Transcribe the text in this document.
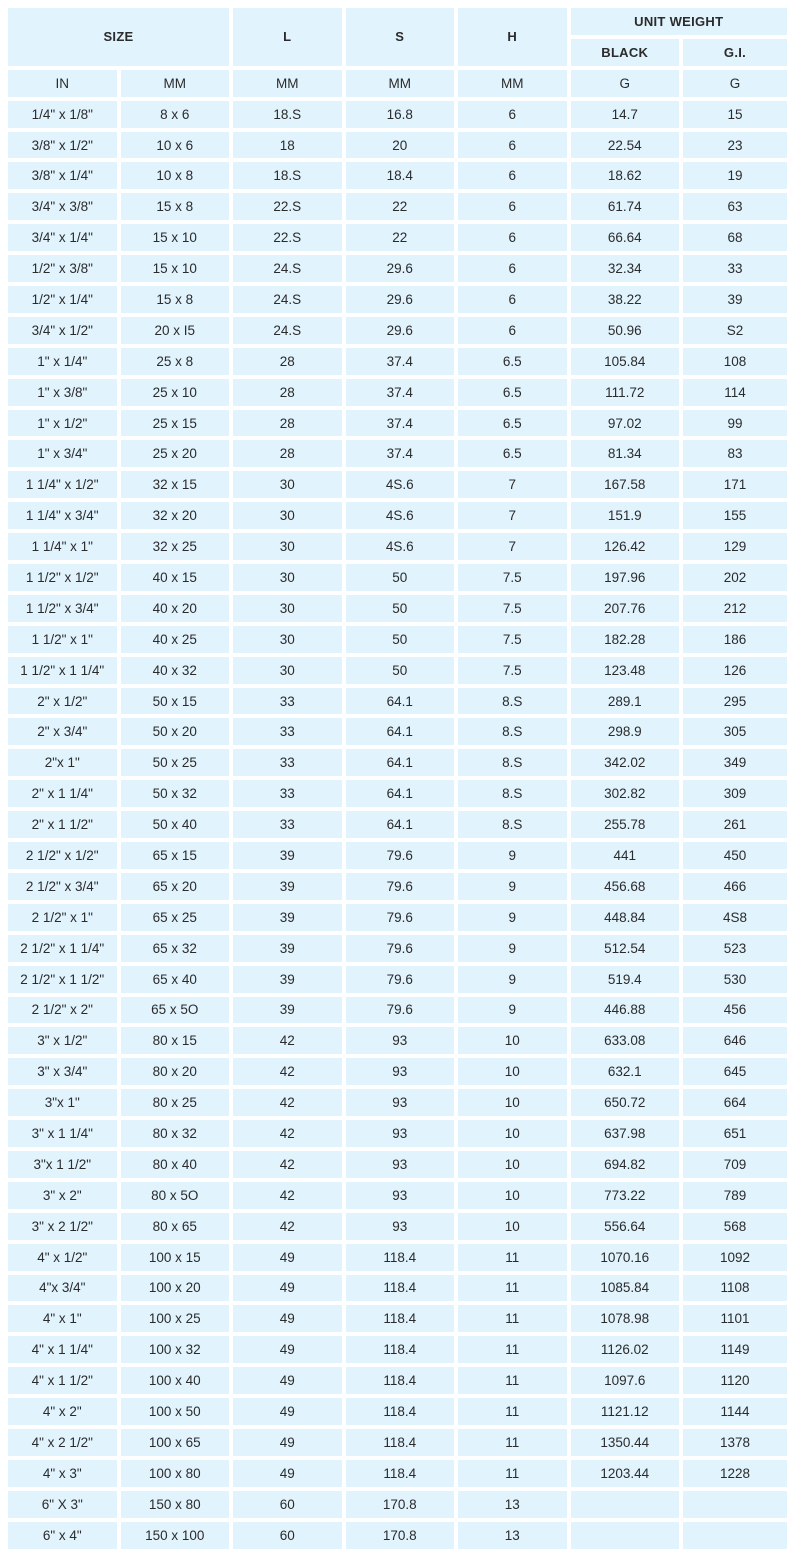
SIZE		L	S	H	UNIT WEIGHT	
					BLACK	G.I.
IN	MM	MM	MM	MM	G	G
1/4" x 1/8"	8 x 6	18.S	16.8	6	14.7	15
3/8" x 1/2"	10 x 6	18	20	6	22.54	23
3/8" x 1/4"	10 x 8	18.S	18.4	6	18.62	19
3/4" x 3/8"	15 x 8	22.S	22	6	61.74	63
3/4" x 1/4"	15 x 10	22.S	22	6	66.64	68
1/2" x 3/8"	15 x 10	24.S	29.6	6	32.34	33
1/2" x 1/4"	15 x 8	24.S	29.6	6	38.22	39
3/4" x 1/2"	20 x I5	24.S	29.6	6	50.96	S2
1" x 1/4"	25 x 8	28	37.4	6.5	105.84	108
1" x 3/8"	25 x 10	28	37.4	6.5	111.72	114
1" x 1/2"	25 x 15	28	37.4	6.5	97.02	99
1" x 3/4"	25 x 20	28	37.4	6.5	81.34	83
1 1/4" x 1/2"	32 x 15	30	4S.6	7	167.58	171
1 1/4" x 3/4"	32 x 20	30	4S.6	7	151.9	155
1 1/4" x 1"	32 x 25	30	4S.6	7	126.42	129
1 1/2" x 1/2"	40 x 15	30	50	7.5	197.96	202
1 1/2" x 3/4"	40 x 20	30	50	7.5	207.76	212
1 1/2" x 1"	40 x 25	30	50	7.5	182.28	186
1 1/2" x 1 1/4"	40 x 32	30	50	7.5	123.48	126
2" x 1/2"	50 x 15	33	64.1	8.S	289.1	295
2" x 3/4"	50 x 20	33	64.1	8.S	298.9	305
2"x 1"	50 x 25	33	64.1	8.S	342.02	349
2" x 1 1/4"	50 x 32	33	64.1	8.S	302.82	309
2" x 1 1/2"	50 x 40	33	64.1	8.S	255.78	261
2 1/2" x 1/2"	65 x 15	39	79.6	9	441	450
2 1/2" x 3/4"	65 x 20	39	79.6	9	456.68	466
2 1/2" x 1"	65 x 25	39	79.6	9	448.84	4S8
2 1/2" x 1 1/4"	65 x 32	39	79.6	9	512.54	523
2 1/2" x 1 1/2"	65 x 40	39	79.6	9	519.4	530
2 1/2" x 2"	65 x 5O	39	79.6	9	446.88	456
3" x 1/2"	80 x 15	42	93	10	633.08	646
3" x 3/4"	80 x 20	42	93	10	632.1	645
3"x 1"	80 x 25	42	93	10	650.72	664
3" x 1 1/4"	80 x 32	42	93	10	637.98	651
3"x 1 1/2"	80 x 40	42	93	10	694.82	709
3" x 2"	80 x 5O	42	93	10	773.22	789
3" x 2 1/2"	80 x 65	42	93	10	556.64	568
4" x 1/2"	100 x 15	49	118.4	11	1070.16	1092
4"x 3/4"	100 x 20	49	118.4	11	1085.84	1108
4" x 1"	100 x 25	49	118.4	11	1078.98	1101
4" x 1 1/4"	100 x 32	49	118.4	11	1126.02	1149
4" x 1 1/2"	100 x 40	49	118.4	11	1097.6	1120
4" x 2"	100 x 50	49	118.4	11	1121.12	1144
4" x 2 1/2"	100 x 65	49	118.4	11	1350.44	1378
4" x 3"	100 x 80	49	118.4	11	1203.44	1228
6" X 3"	150 x 80	60	170.8	13		
6" x 4"	150 x 100	60	170.8	13		
